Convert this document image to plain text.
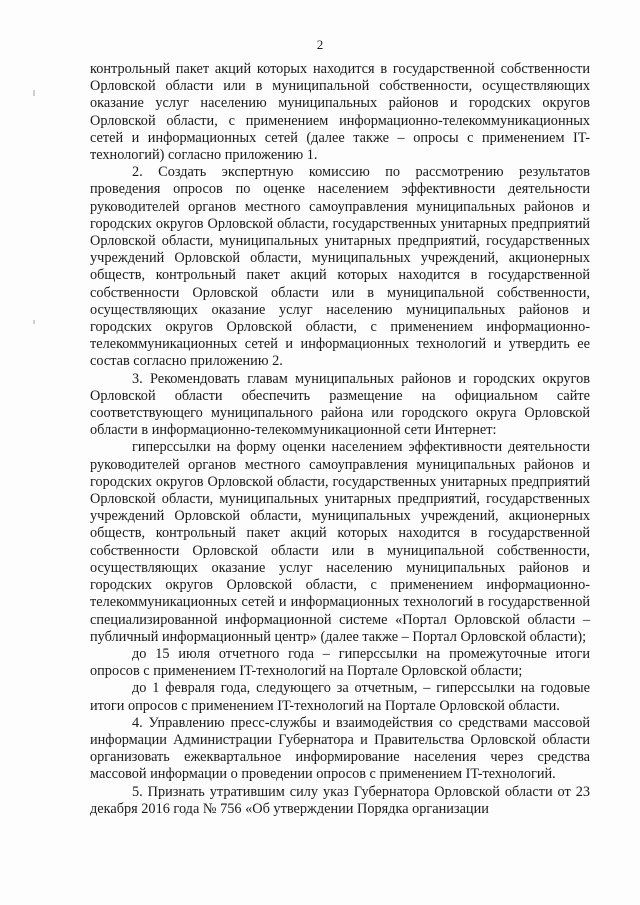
2

контрольный пакет акций которых находится в государственной собственности Орловской области или в муниципальной собственности, осуществляющих оказание услуг населению муниципальных районов и городских округов Орловской области, с применением информационно-телекоммуникационных сетей и информационных сетей (далее также – опросы с применением IT-технологий) согласно приложению 1.

2. Создать экспертную комиссию по рассмотрению результатов проведения опросов по оценке населением эффективности деятельности руководителей органов местного самоуправления муниципальных районов и городских округов Орловской области, государственных унитарных предприятий Орловской области, муниципальных унитарных предприятий, государственных учреждений Орловской области, муниципальных учреждений, акционерных обществ, контрольный пакет акций которых находится в государственной собственности Орловской области или в муниципальной собственности, осуществляющих оказание услуг населению муниципальных районов и городских округов Орловской области, с применением информационно-телекоммуникационных сетей и информационных технологий и утвердить ее состав согласно приложению 2.

3. Рекомендовать главам муниципальных районов и городских округов Орловской области обеспечить размещение на официальном сайте соответствующего муниципального района или городского округа Орловской области в информационно-телекоммуникационной сети Интернет:

гиперссылки на форму оценки населением эффективности деятельности руководителей органов местного самоуправления муниципальных районов и городских округов Орловской области, государственных унитарных предприятий Орловской области, муниципальных унитарных предприятий, государственных учреждений Орловской области, муниципальных учреждений, акционерных обществ, контрольный пакет акций которых находится в государственной собственности Орловской области или в муниципальной собственности, осуществляющих оказание услуг населению муниципальных районов и городских округов Орловской области, с применением информационно-телекоммуникационных сетей и информационных технологий в государственной специализированной информационной системе «Портал Орловской области – публичный информационный центр» (далее также – Портал Орловской области);

до 15 июля отчетного года – гиперссылки на промежуточные итоги опросов с применением IT-технологий на Портале Орловской области;

до 1 февраля года, следующего за отчетным, – гиперссылки на годовые итоги опросов с применением IT-технологий на Портале Орловской области.

4. Управлению пресс-службы и взаимодействия со средствами массовой информации Администрации Губернатора и Правительства Орловской области организовать ежеквартальное информирование населения через средства массовой информации о проведении опросов с применением IT-технологий.

5. Признать утратившим силу указ Губернатора Орловской области от 23 декабря 2016 года № 756 «Об утверждении Порядка организации
